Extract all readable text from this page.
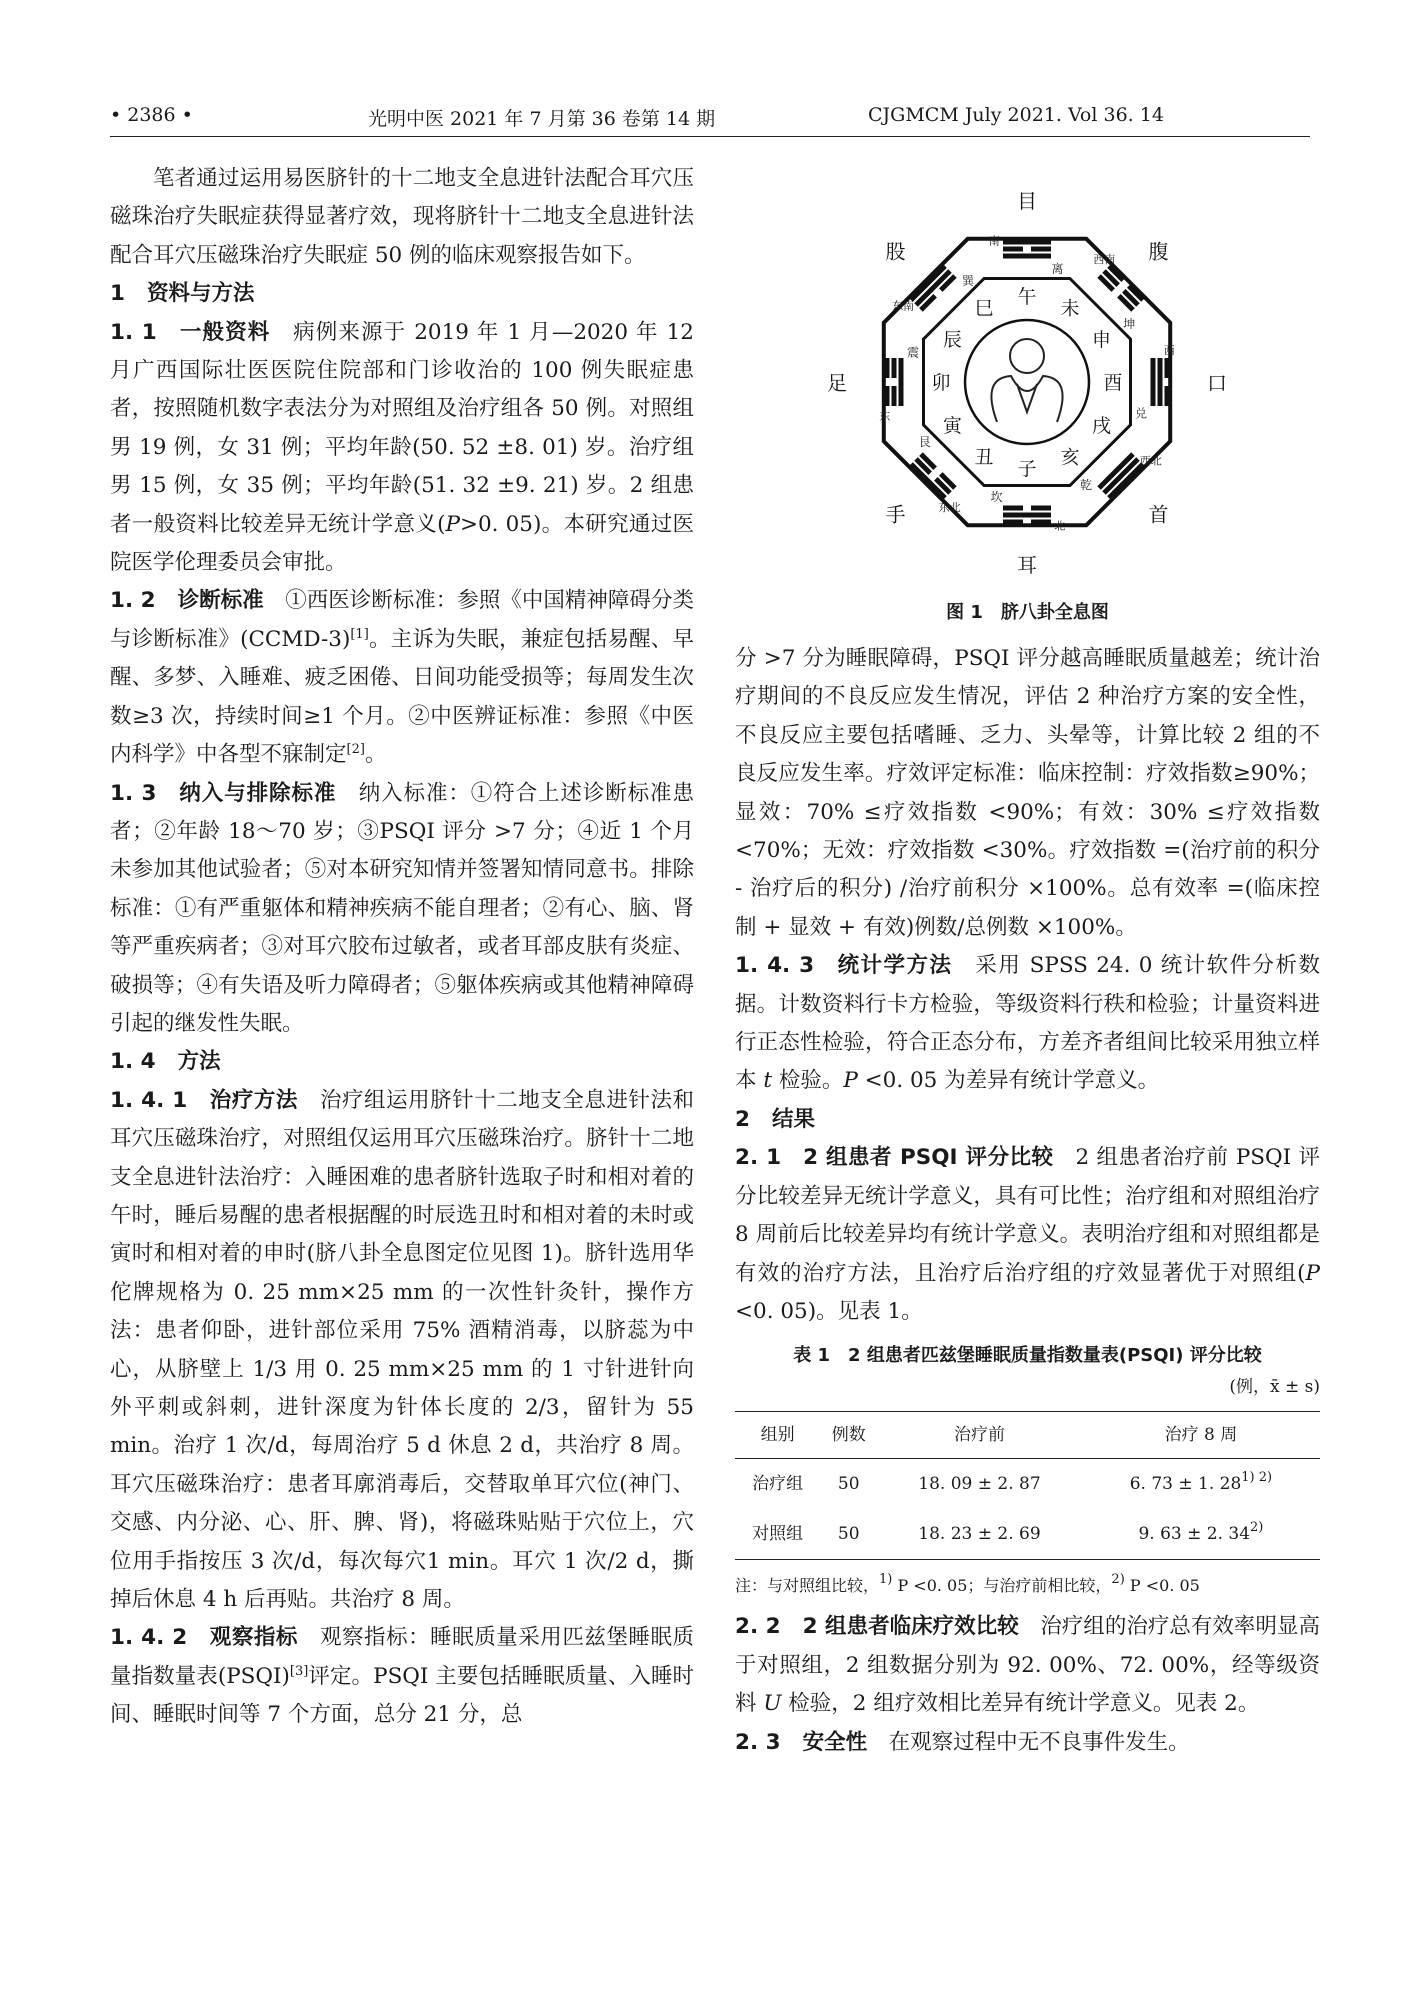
• 2386 •	光明中医 2021 年 7 月第 36 卷第 14 期	CJGMCM July 2021. Vol 36. 14

笔者通过运用易医脐针的十二地支全息进针法配合耳穴压磁珠治疗失眠症获得显著疗效，现将脐针十二地支全息进针法配合耳穴压磁珠治疗失眠症 50 例的临床观察报告如下。

1 资料与方法

1. 1 一般资料　 病例来源于 2019 年 1 月—2020 年 12 月广西国际壮医医院住院部和门诊收治的 100 例失眠症患者，按照随机数字表法分为对照组及治疗组各 50 例。对照组男 19 例，女 31 例；平均年龄(50. 52 ±8. 01) 岁。治疗组男 15 例，女 35 例；平均年龄(51. 32 ±9. 21) 岁。2 组患者一般资料比较差异无统计学意义(P>0. 05)。本研究通过医院医学伦理委员会审批。

1. 2 诊断标准　 ①西医诊断标准：参照《中国精神障碍分类与诊断标准》(CCMD-3)[1]。主诉为失眠，兼症包括易醒、早醒、多梦、入睡难、疲乏困倦、日间功能受损等；每周发生次数≥3 次，持续时间≥1 个月。②中医辨证标准：参照《中医内科学》中各型不寐制定[2]。

1. 3 纳入与排除标准　 纳入标准：①符合上述诊断标准患者；②年龄 18～70 岁；③PSQI 评分 >7 分；④近 1 个月未参加其他试验者；⑤对本研究知情并签署知情同意书。排除标准：①有严重躯体和精神疾病不能自理者；②有心、脑、肾等严重疾病者；③对耳穴胶布过敏者，或者耳部皮肤有炎症、破损等；④有失语及听力障碍者；⑤躯体疾病或其他精神障碍引起的继发性失眠。

1. 4 方法

1. 4. 1 治疗方法　 治疗组运用脐针十二地支全息进针法和耳穴压磁珠治疗，对照组仅运用耳穴压磁珠治疗。脐针十二地支全息进针法治疗：入睡困难的患者脐针选取子时和相对着的午时，睡后易醒的患者根据醒的时辰选丑时和相对着的未时或寅时和相对着的申时(脐八卦全息图定位见图 1)。脐针选用华佗牌规格为 0. 25 mm×25 mm 的一次性针灸针，操作方法：患者仰卧，进针部位采用 75% 酒精消毒，以脐蕊为中心，从脐壁上 1/3 用 0. 25 mm×25 mm 的 1 寸针进针向外平刺或斜刺，进针深度为针体长度的 2/3，留针为 55 min。治疗 1 次/d，每周治疗 5 d 休息 2 d，共治疗 8 周。耳穴压磁珠治疗：患者耳廓消毒后，交替取单耳穴位(神门、交感、内分泌、心、肝、脾、肾)，将磁珠贴贴于穴位上，穴位用手指按压 3 次/d，每次每穴1 min。耳穴 1 次/2 d，撕掉后休息 4 h 后再贴。共治疗 8 周。

1. 4. 2 观察指标　 观察指标：睡眠质量采用匹兹堡睡眠质量指数量表(PSQI)[3]评定。PSQI 主要包括睡眠质量、入睡时间、睡眠时间等 7 个方面，总分 21 分，总

离
南
坤
西南
兑
西
乾
西北
坎
北
艮
东北
震
东
巽
东南	午
未
申
酉
戌
亥
子
丑
寅
卯
辰
巳
目
腹
口
首
耳
手
足
股
图 1　脐八卦全息图

分 >7 分为睡眠障碍，PSQI 评分越高睡眠质量越差；统计治疗期间的不良反应发生情况，评估 2 种治疗方案的安全性，不良反应主要包括嗜睡、乏力、头晕等，计算比较 2 组的不良反应发生率。疗效评定标准：临床控制：疗效指数≥90%；显效：70% ≤疗效指数 <90%；有效：30% ≤疗效指数 <70%；无效：疗效指数 <30%。疗效指数 =(治疗前的积分 - 治疗后的积分) /治疗前积分 ×100%。总有效率 =(临床控制 + 显效 + 有效)例数/总例数 ×100%。

1. 4. 3 统计学方法　 采用 SPSS 24. 0 统计软件分析数据。计数资料行卡方检验，等级资料行秩和检验；计量资料进行正态性检验，符合正态分布，方差齐者组间比较采用独立样本 t 检验。P <0. 05 为差异有统计学意义。

2 结果

2. 1 2 组患者 PSQI 评分比较　 2 组患者治疗前 PSQI 评分比较差异无统计学意义，具有可比性；治疗组和对照组治疗 8 周前后比较差异均有统计学意义。表明治疗组和对照组都是有效的治疗方法，且治疗后治疗组的疗效显著优于对照组(P <0. 05)。见表 1。

表 1　2 组患者匹兹堡睡眠质量指数量表(PSQI) 评分比较
(例，x̄ ± s)
组别	例数	治疗前	治疗 8 周
治疗组	50	18. 09 ± 2. 87	6. 73 ± 1. $28^{1) 2)}$
对照组	50	18. 23 ± 2. 69	9. 63 ± 2. 34$^{2)}$
注：与对照组比较，$^{1)}$ P <0. 05；与治疗前相比较，$^{2)}$ P <0. 05

2. 2 2 组患者临床疗效比较　 治疗组的治疗总有效率明显高于对照组，2 组数据分别为 92. 00%、72. 00%，经等级资料 U 检验，2 组疗效相比差异有统计学意义。见表 2。

2. 3 安全性　 在观察过程中无不良事件发生。
